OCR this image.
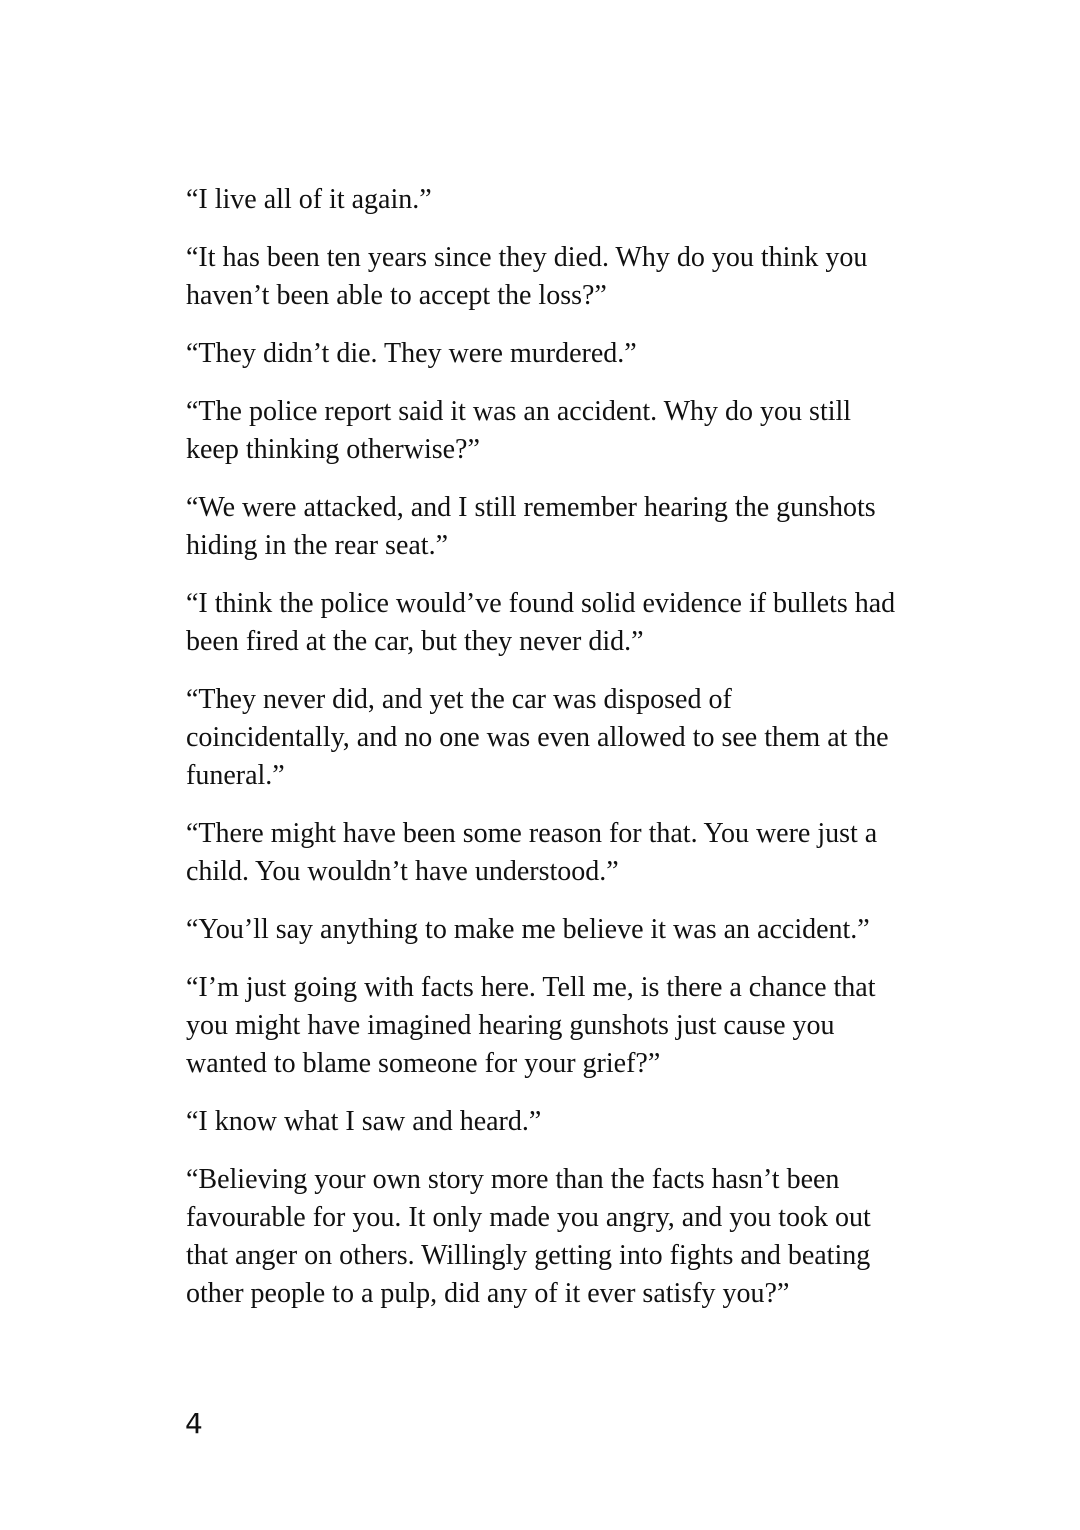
“I live all of it again.”

“It has been ten years since they died. Why do you think you haven’t been able to accept the loss?”

“They didn’t die. They were murdered.”

“The police report said it was an accident. Why do you still keep thinking otherwise?”

“We were attacked, and I still remember hearing the gunshots hiding in the rear seat.”

“I think the police would’ve found solid evidence if bullets had been fired at the car, but they never did.”

“They never did, and yet the car was disposed of coincidentally, and no one was even allowed to see them at the funeral.”

“There might have been some reason for that. You were just a child. You wouldn’t have understood.”

“You’ll say anything to make me believe it was an accident.”

“I’m just going with facts here. Tell me, is there a chance that you might have imagined hearing gunshots just cause you wanted to blame someone for your grief?”

“I know what I saw and heard.”

“Believing your own story more than the facts hasn’t been favourable for you. It only made you angry, and you took out that anger on others. Willingly getting into fights and beating other people to a pulp, did any of it ever satisfy you?”

4
